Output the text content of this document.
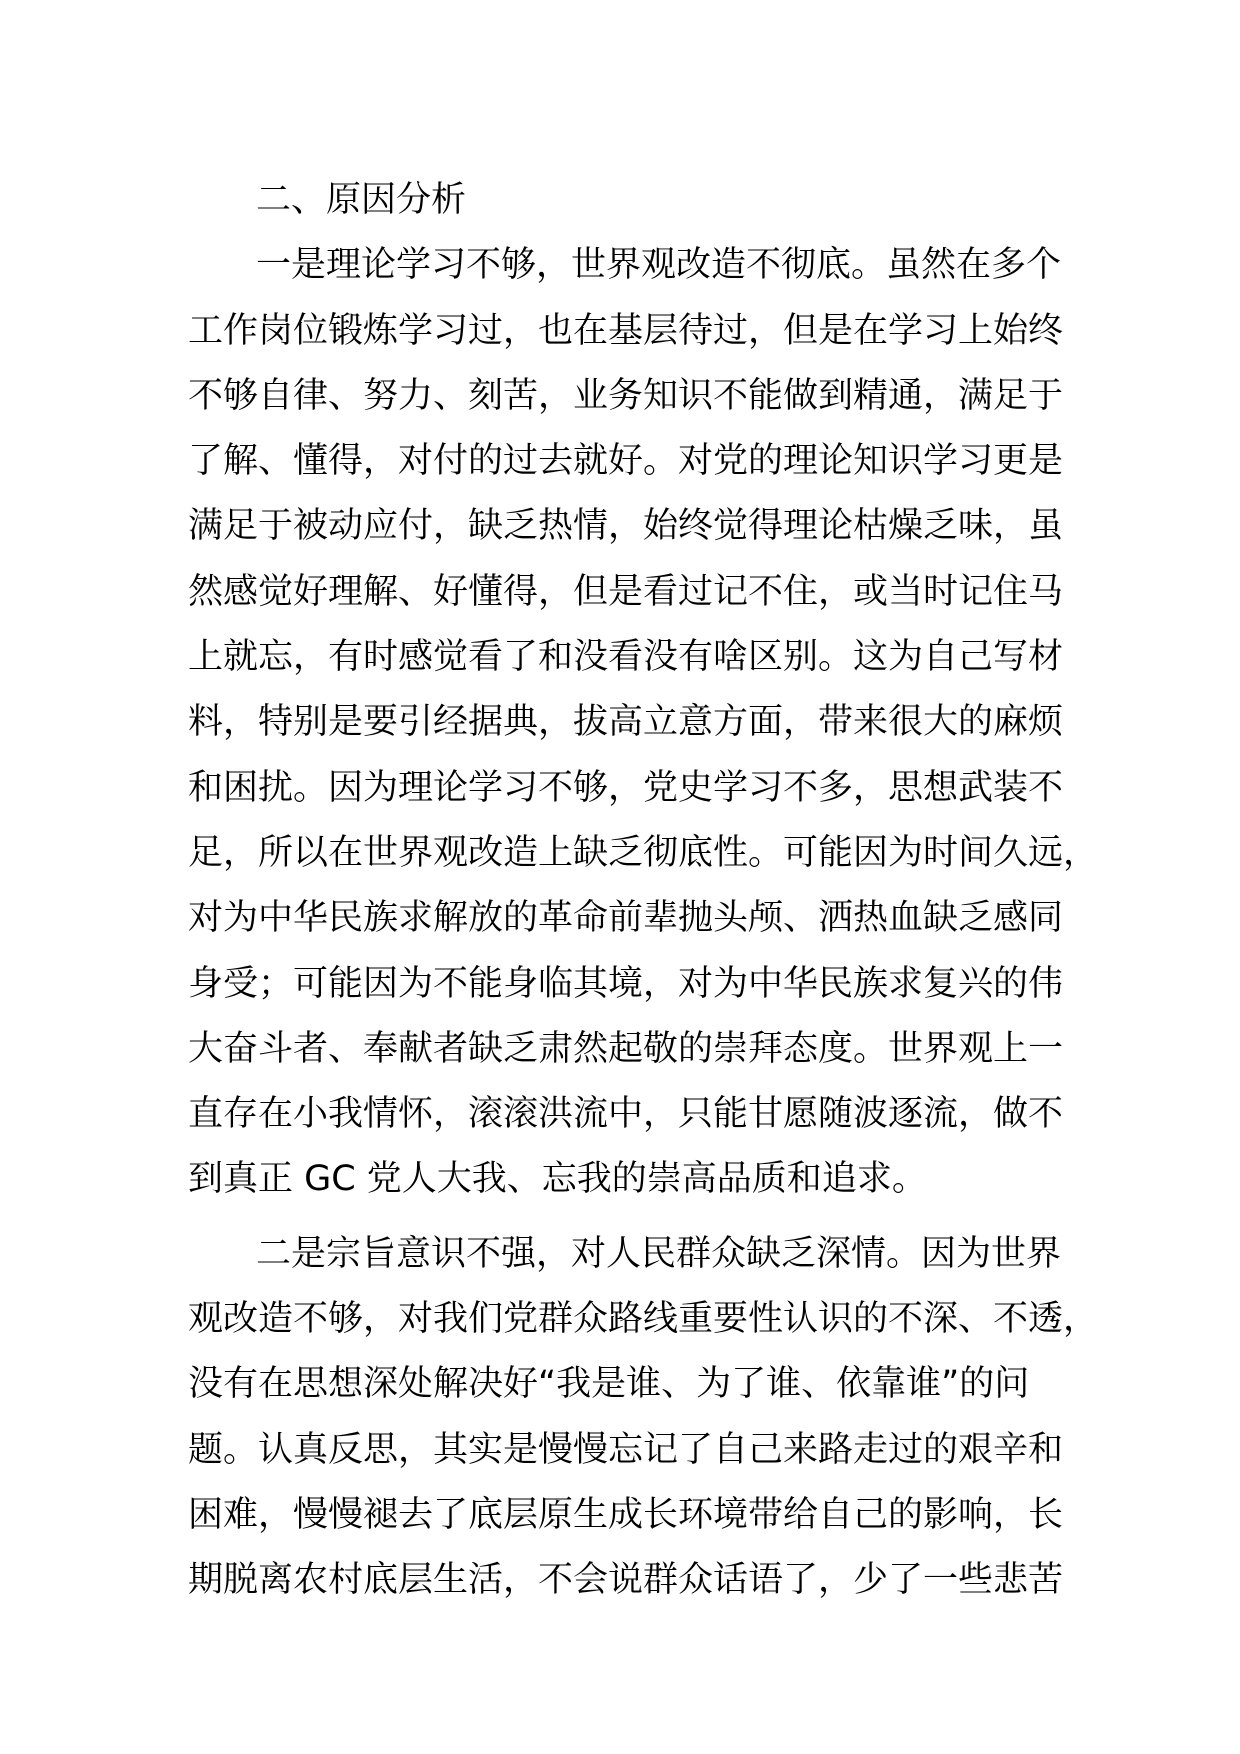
二、原因分析
一是理论学习不够，世界观改造不彻底。虽然在多个
工作岗位锻炼学习过，也在基层待过，但是在学习上始终
不够自律、努力、刻苦，业务知识不能做到精通，满足于
了解、懂得，对付的过去就好。对党的理论知识学习更是
满足于被动应付，缺乏热情，始终觉得理论枯燥乏味，虽
然感觉好理解、好懂得，但是看过记不住，或当时记住马
上就忘，有时感觉看了和没看没有啥区别。这为自己写材
料，特别是要引经据典，拔高立意方面，带来很大的麻烦
和困扰。因为理论学习不够，党史学习不多，思想武装不
足，所以在世界观改造上缺乏彻底性。可能因为时间久远，
对为中华民族求解放的革命前辈抛头颅、洒热血缺乏感同
身受；可能因为不能身临其境，对为中华民族求复兴的伟
大奋斗者、奉献者缺乏肃然起敬的崇拜态度。世界观上一
直存在小我情怀，滚滚洪流中，只能甘愿随波逐流，做不
到真正 GC 党人大我、忘我的崇高品质和追求。
二是宗旨意识不强，对人民群众缺乏深情。因为世界
观改造不够，对我们党群众路线重要性认识的不深、不透，
没有在思想深处解决好“我是谁、为了谁、依靠谁”的问
题。认真反思，其实是慢慢忘记了自己来路走过的艰辛和
困难，慢慢褪去了底层原生成长环境带给自己的影响，长
期脱离农村底层生活，不会说群众话语了，少了一些悲苦
